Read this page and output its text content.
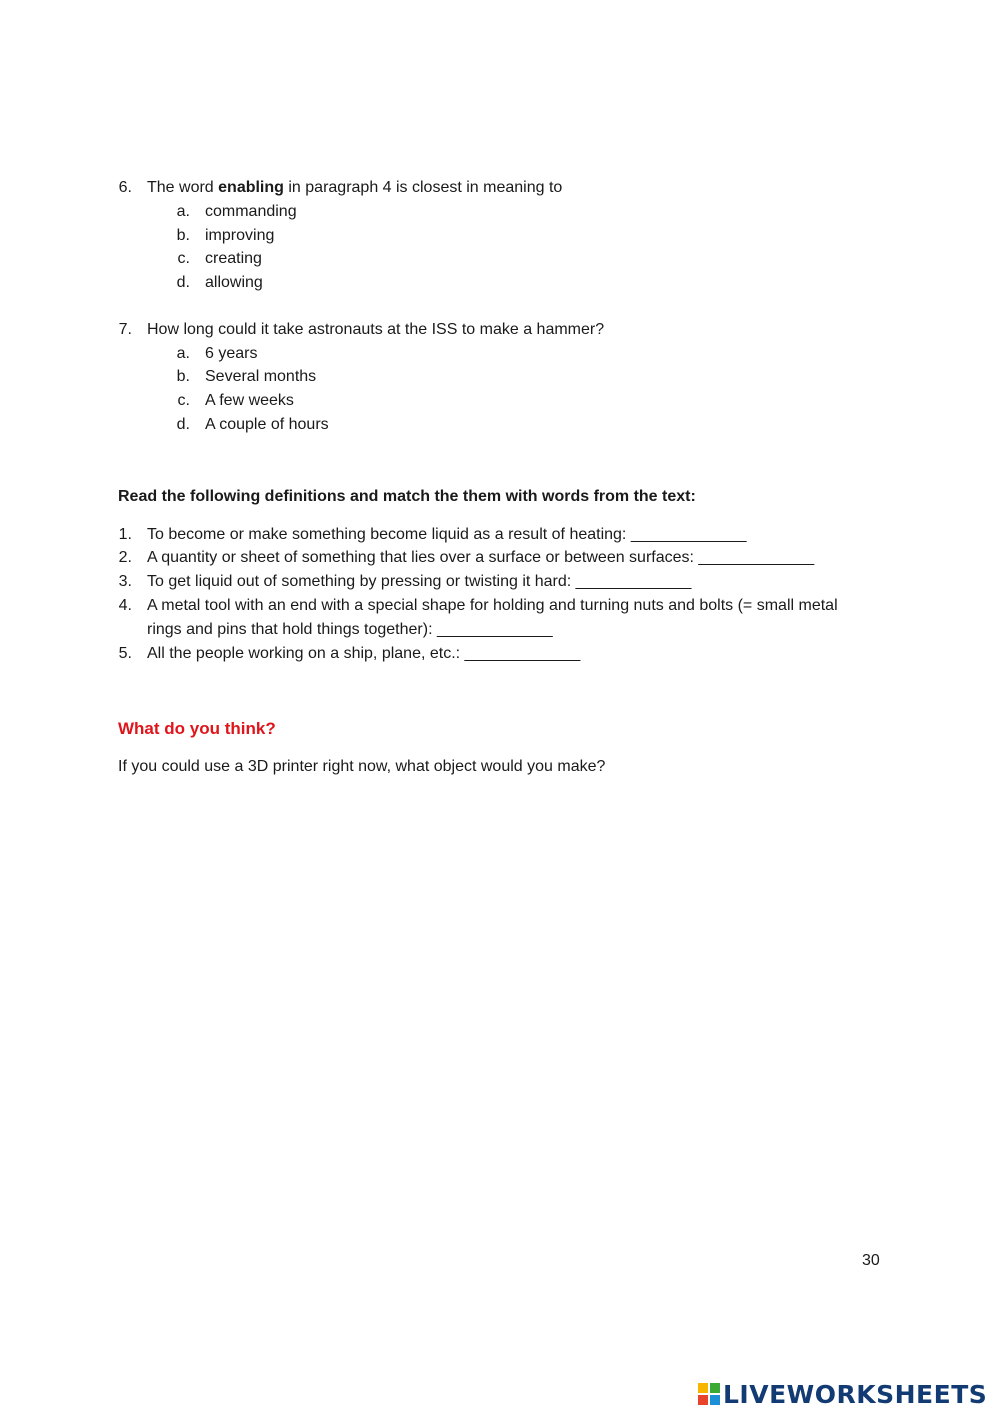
6. The word enabling in paragraph 4 is closest in meaning to
a. commanding
b. improving
c. creating
d. allowing
7. How long could it take astronauts at the ISS to make a hammer?
a. 6 years
b. Several months
c. A few weeks
d. A couple of hours
Read the following definitions and match the them with words from the text:
1. To become or make something become liquid as a result of heating: _____________
2. A quantity or sheet of something that lies over a surface or between surfaces: _____________
3. To get liquid out of something by pressing or twisting it hard: _____________
4. A metal tool with an end with a special shape for holding and turning nuts and bolts (= small metal
rings and pins that hold things together): _____________
5. All the people working on a ship, plane, etc.: _____________
What do you think?
If you could use a 3D printer right now, what object would you make?
30
LIVEWORKSHEETS
